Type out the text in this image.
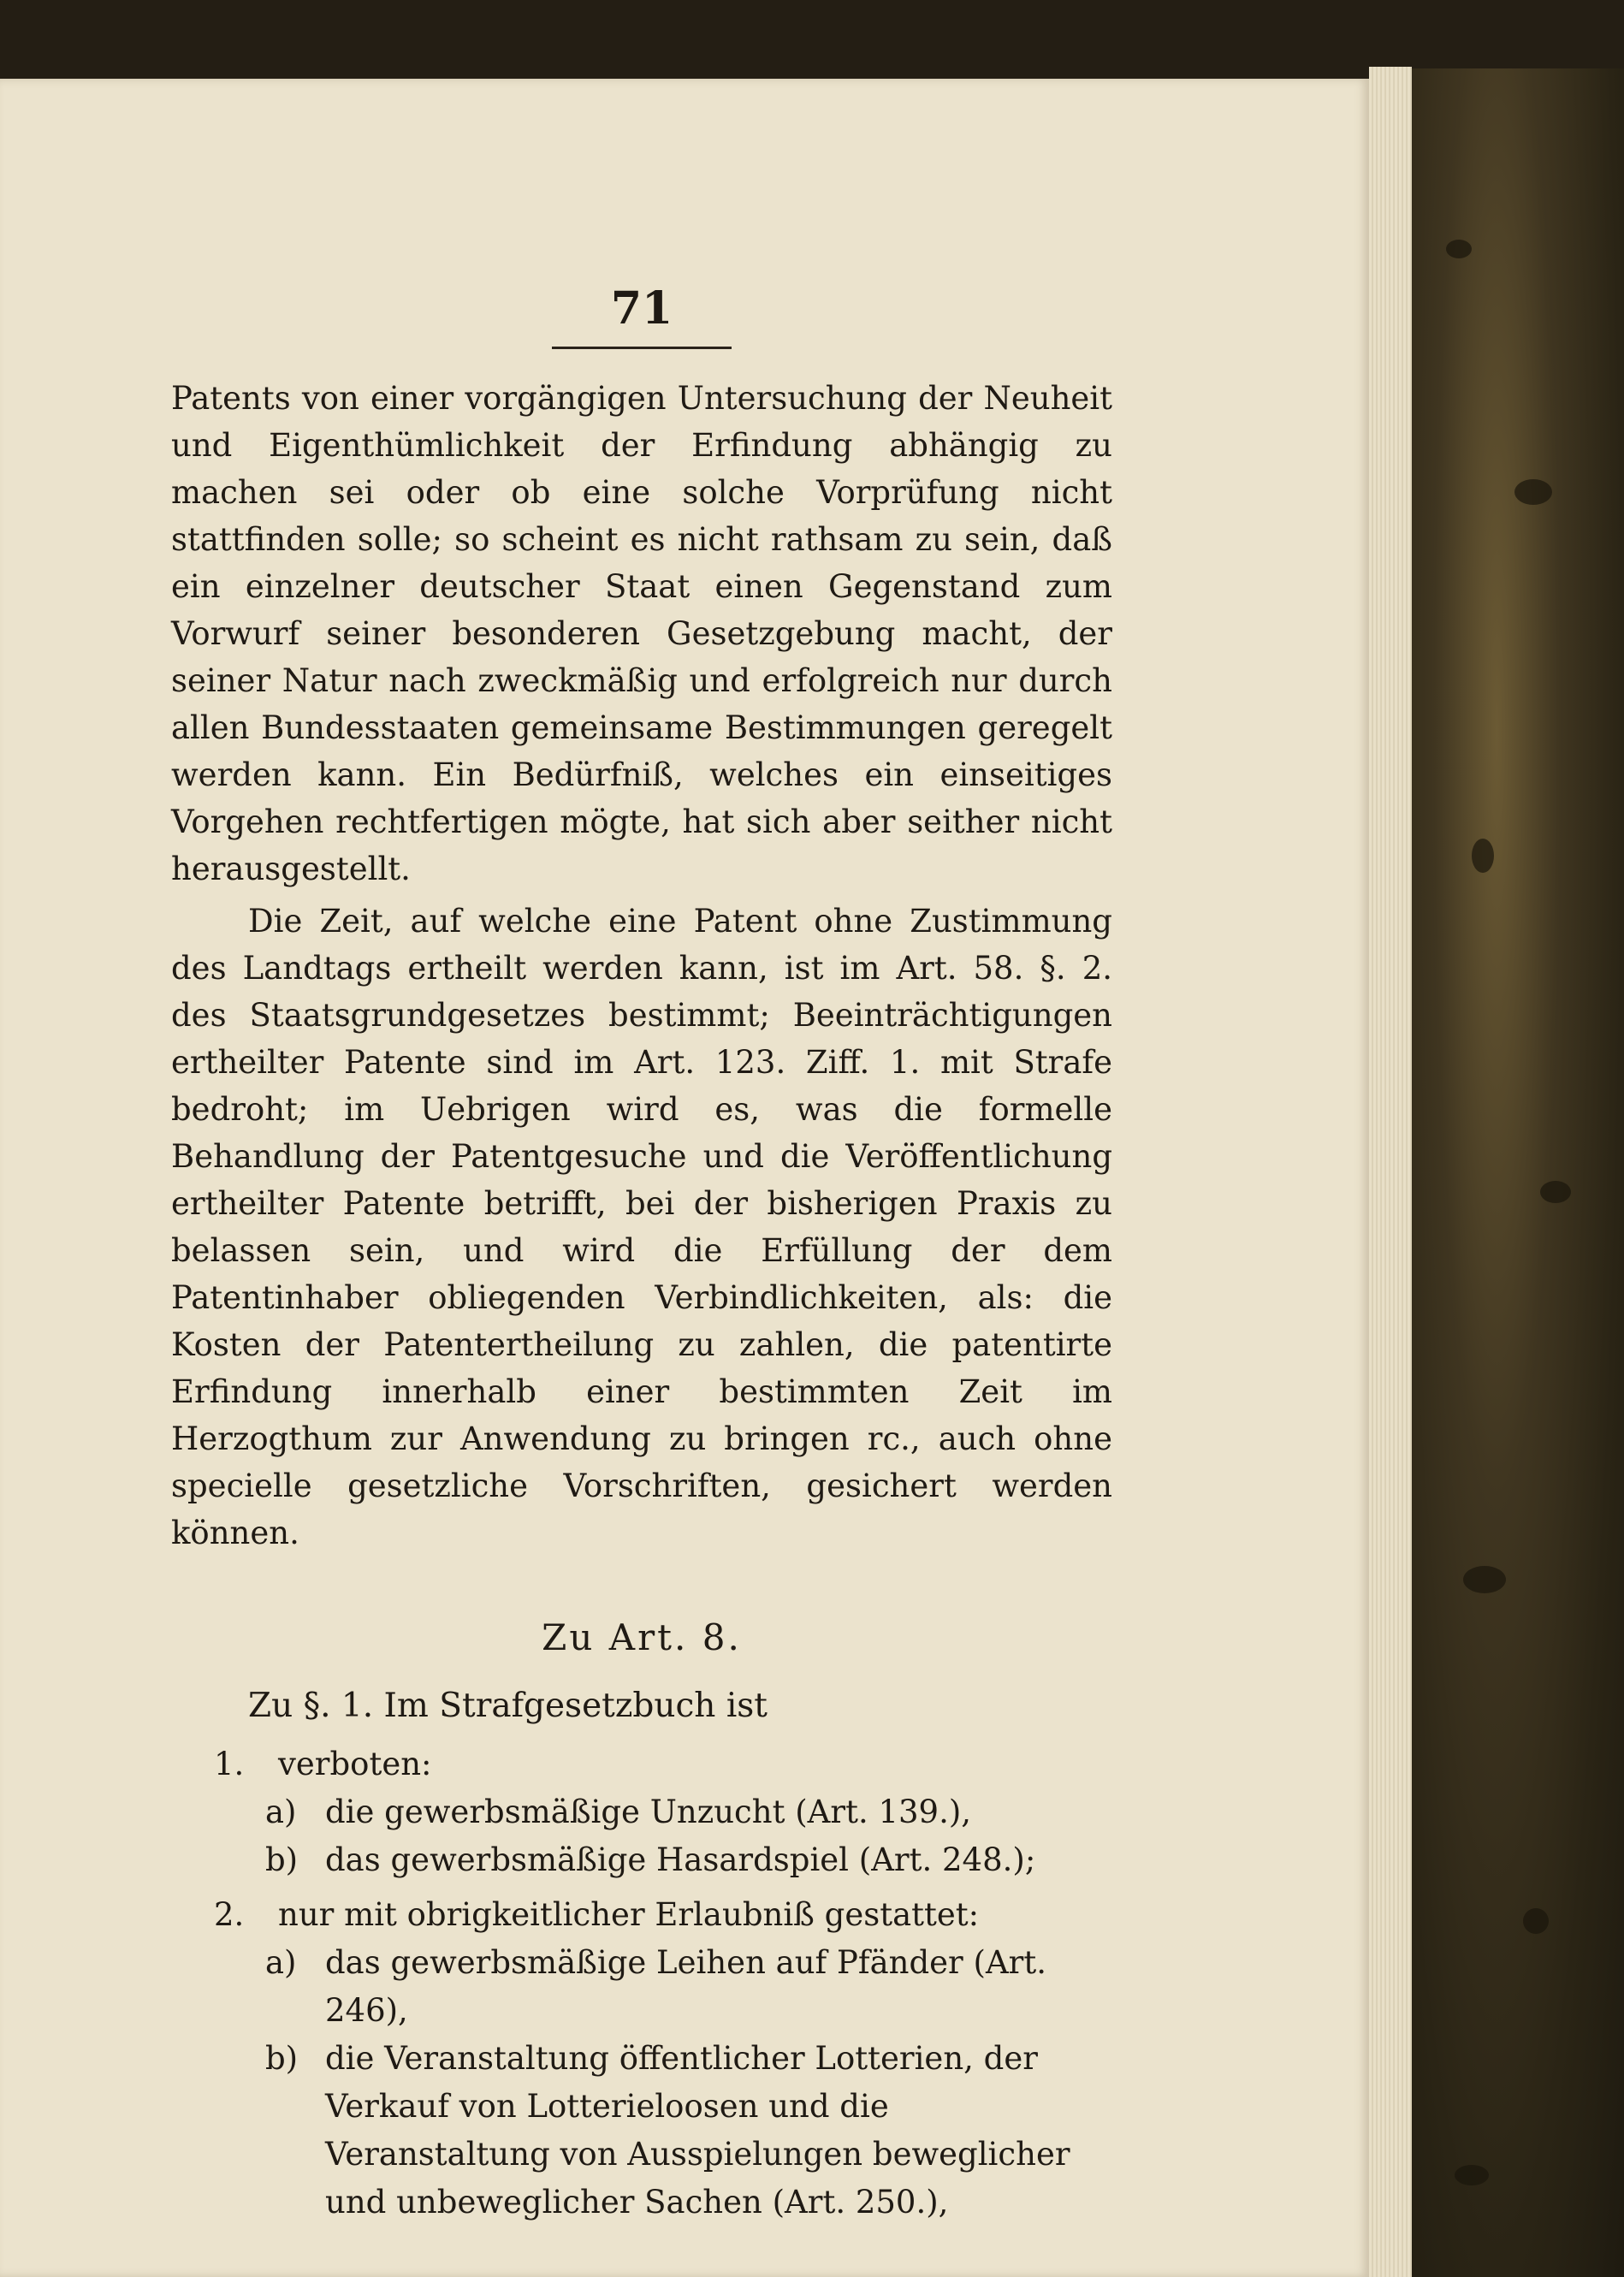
71

Patents von einer vorgängigen Untersuchung der Neuheit und Eigenthümlichkeit der Erfindung abhängig zu machen sei oder ob eine solche Vorprüfung nicht stattfinden solle; so scheint es nicht rathsam zu sein, daß ein einzelner deutscher Staat einen Gegenstand zum Vorwurf seiner besonderen Gesetzgebung macht, der seiner Natur nach zweckmäßig und erfolgreich nur durch allen Bundesstaaten gemeinsame Bestimmungen geregelt werden kann. Ein Bedürfniß, welches ein einseitiges Vorgehen rechtfertigen mögte, hat sich aber seither nicht herausgestellt.

Die Zeit, auf welche eine Patent ohne Zustimmung des Landtags ertheilt werden kann, ist im Art. 58. §. 2. des Staatsgrundgesetzes bestimmt; Beeinträchtigungen ertheilter Patente sind im Art. 123. Ziff. 1. mit Strafe bedroht; im Uebrigen wird es, was die formelle Behandlung der Patentgesuche und die Veröffentlichung ertheilter Patente betrifft, bei der bisherigen Praxis zu belassen sein, und wird die Erfüllung der dem Patentinhaber obliegenden Verbindlichkeiten, als: die Kosten der Patentertheilung zu zahlen, die patentirte Erfindung innerhalb einer bestimmten Zeit im Herzogthum zur Anwendung zu bringen rc., auch ohne specielle gesetzliche Vorschriften, gesichert werden können.

Zu Art. 8.
Zu §. 1. Im Strafgesetzbuch ist
1.	verboten:
a) die gewerbsmäßige Unzucht (Art. 139.),
b) das gewerbsmäßige Hasardspiel (Art. 248.);
2.	nur mit obrigkeitlicher Erlaubniß gestattet:
a) das gewerbsmäßige Leihen auf Pfänder (Art. 246),
b) die Veranstaltung öffentlicher Lotterien, der Verkauf von Lotterieloosen und die Veranstaltung von Ausspielungen beweglicher und unbeweglicher Sachen (Art. 250.),
